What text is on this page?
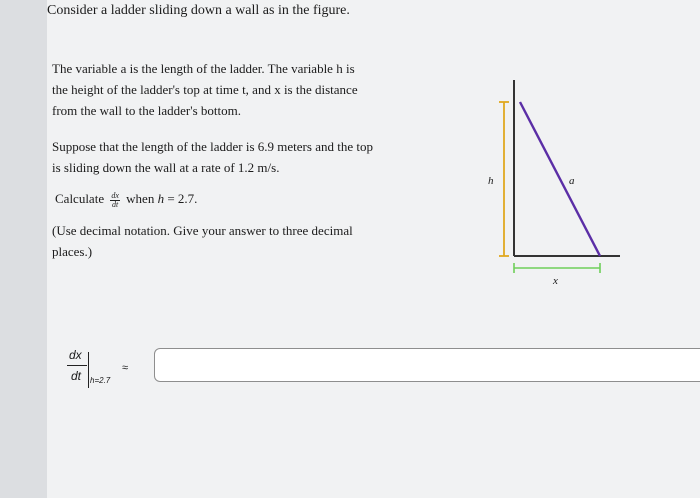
Consider a ladder sliding down a wall as in the figure.
The variable a is the length of the ladder. The variable h is
the height of the ladder's top at time t, and x is the distance
from the wall to the ladder's bottom.
Suppose that the length of the ladder is 6.9 meters and the top
is sliding down the wall at a rate of 1.2 m/s.
Calculate $\frac{dx}{dt}$ when h = 2.7.
(Use decimal notation. Give your answer to three decimal
places.)
h	a
x
dx
dt h=2.7
≈
